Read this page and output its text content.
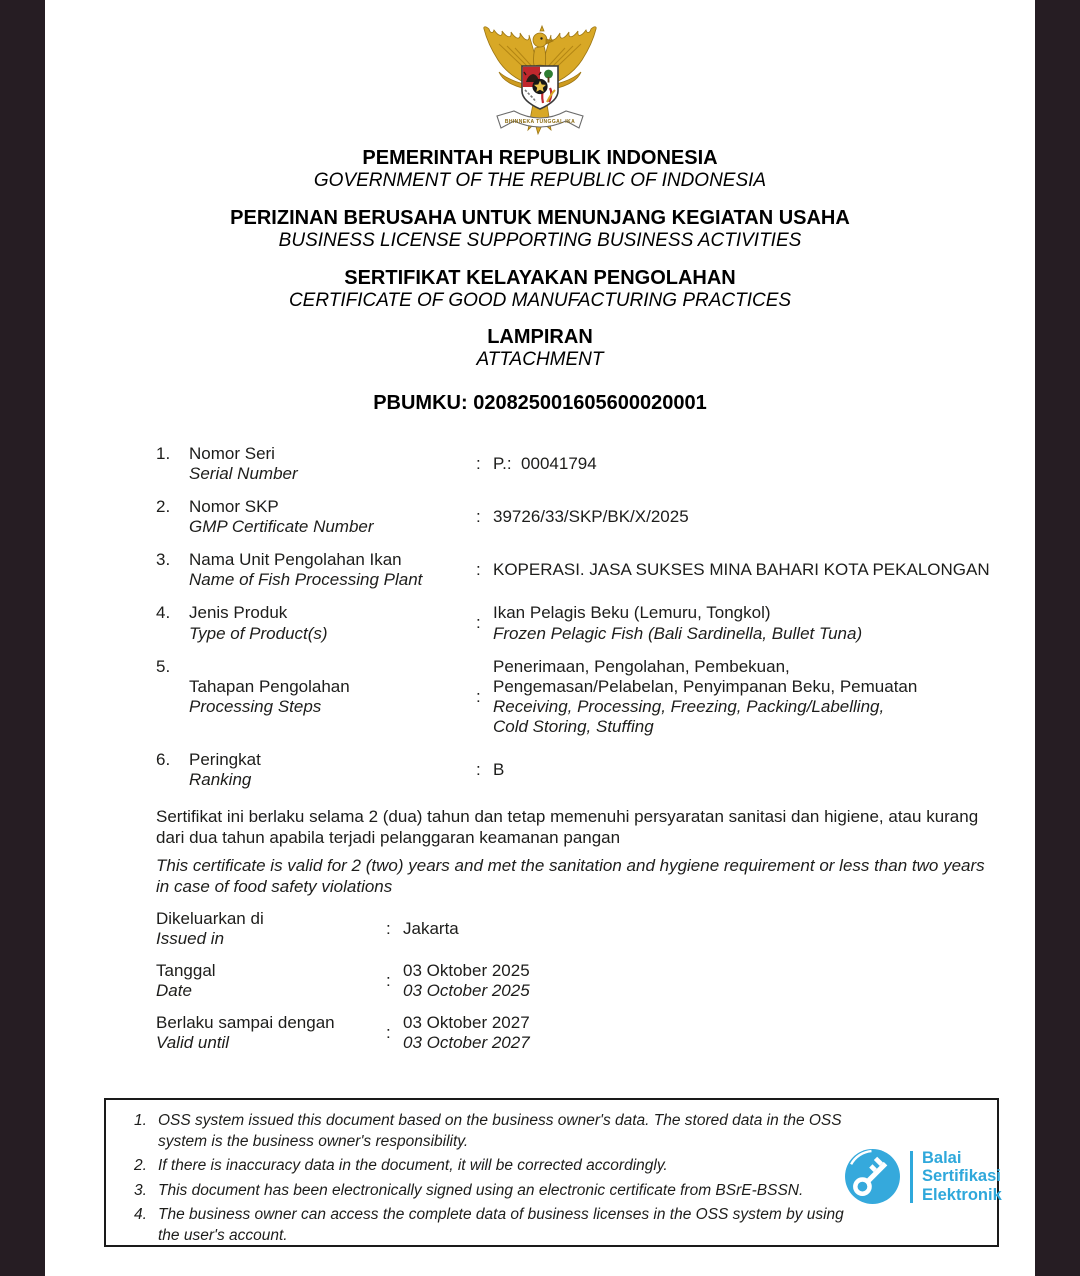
BHINNEKA TUNGGAL IKA
PEMERINTAH REPUBLIK INDONESIA
GOVERNMENT OF THE REPUBLIC OF INDONESIA
PERIZINAN BERUSAHA UNTUK MENUNJANG KEGIATAN USAHA
BUSINESS LICENSE SUPPORTING BUSINESS ACTIVITIES
SERTIFIKAT KELAYAKAN PENGOLAHAN
CERTIFICATE OF GOOD MANUFACTURING PRACTICES
LAMPIRAN
ATTACHMENT
PBUMKU: 020825001605600020001
1.	Nomor Seri
Serial Number
: P.:  00041794
2.	Nomor SKP
GMP Certificate Number
: 39726/33/SKP/BK/X/2025
3.	Nama Unit Pengolahan Ikan
Name of Fish Processing Plant
: KOPERASI. JASA SUKSES MINA BAHARI KOTA PEKALONGAN
4.	Jenis Produk
Type of Product(s)
:
Ikan Pelagis Beku (Lemuru, Tongkol)
Frozen Pelagic Fish (Bali Sardinella, Bullet Tuna)
5.
Tahapan Pengolahan
Processing Steps
:
Penerimaan, Pengolahan, Pembekuan,
Pengemasan/Pelabelan, Penyimpanan Beku, Pemuatan
Receiving, Processing, Freezing, Packing/Labelling,
Cold Storing, Stuffing
6.	Peringkat
Ranking
: B

Sertifikat ini berlaku selama 2 (dua) tahun dan tetap memenuhi persyaratan sanitasi dan higiene, atau kurang dari dua tahun apabila terjadi pelanggaran keamanan pangan

This certificate is valid for 2 (two) years and met the sanitation and hygiene requirement or less than two years in case of food safety violations

Dikeluarkan di
Issued in
: Jakarta
Tanggal
Date
:
03 Oktober 2025
03 October 2025
Berlaku sampai dengan
Valid until
:
03 Oktober 2027
03 October 2027
1. OSS system issued this document based on the business owner's data. The stored data in the OSS system is the business owner's responsibility.
2. If there is inaccuracy data in the document, it will be corrected accordingly.
3. This document has been electronically signed using an electronic certificate from BSrE-BSSN.
4. The business owner can access the complete data of business licenses in the OSS system by using the user's account.
Balai
Sertifikasi
Elektronik
